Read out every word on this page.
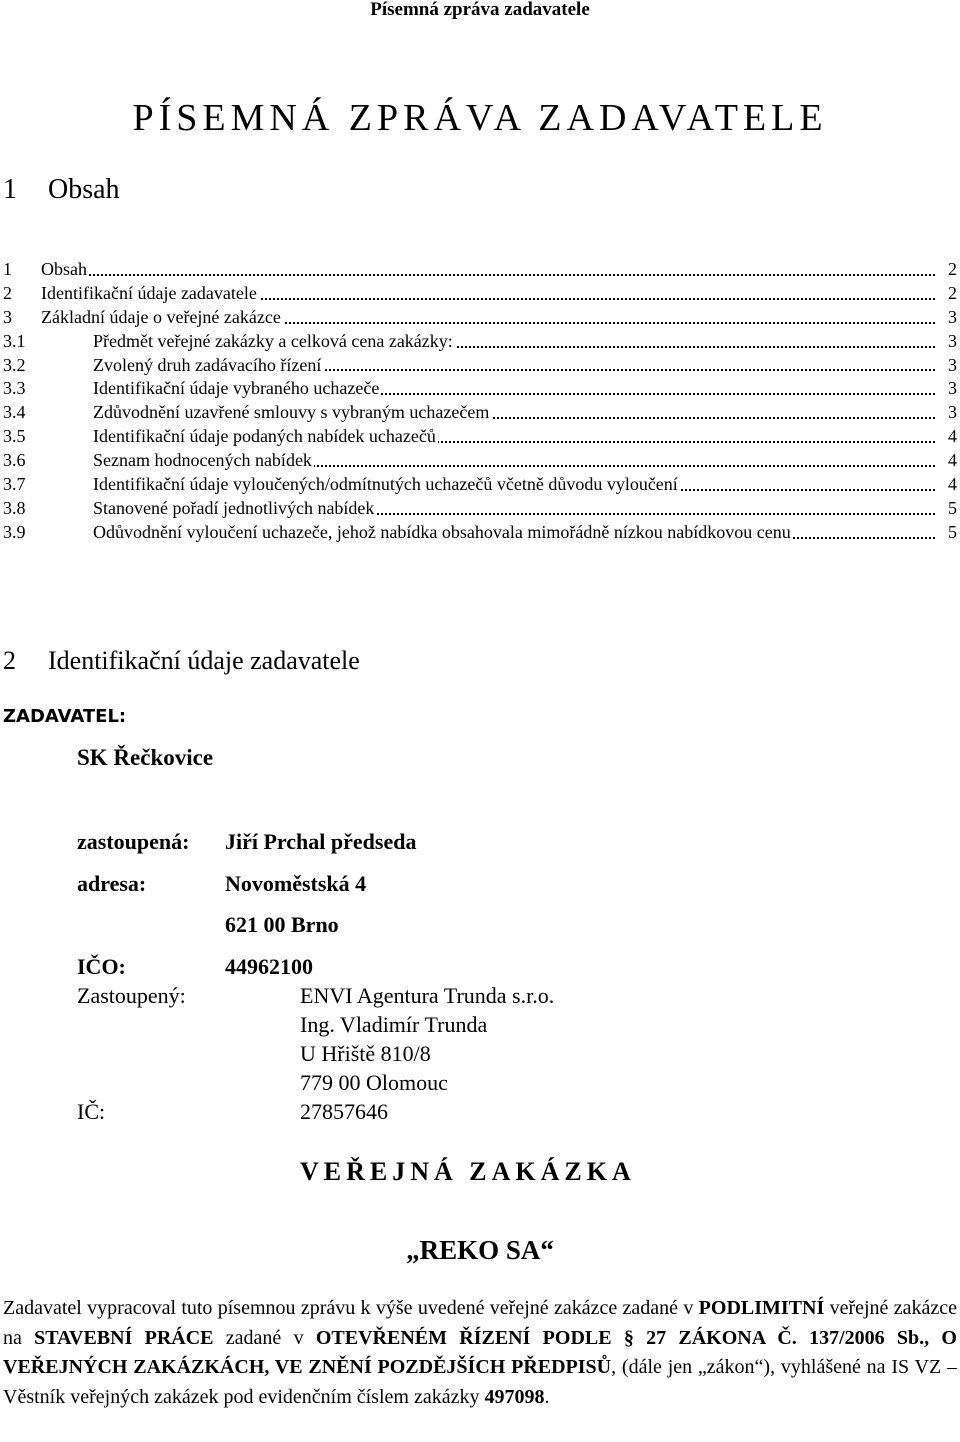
Písemná zpráva zadavatele
PÍSEMNÁ ZPRÁVA ZADAVATELE
1 Obsah
1	Obsah	2
2	Identifikační údaje zadavatele	2
3	Základní údaje o veřejné zakázce	3
3.1	Předmět veřejné zakázky a celková cena zakázky:	3
3.2	Zvolený druh zadávacího řízení	3
3.3	Identifikační údaje vybraného uchazeče	3
3.4	Zdůvodnění uzavřené smlouvy s vybraným uchazečem	3
3.5	Identifikační údaje podaných nabídek uchazečů	4
3.6	Seznam hodnocených nabídek	4
3.7	Identifikační údaje vyloučených/odmítnutých uchazečů včetně důvodu vyloučení	4
3.8	Stanovené pořadí jednotlivých nabídek	5
3.9	Odůvodnění vyloučení uchazeče, jehož nabídka obsahovala mimořádně nízkou nabídkovou cenu	5
2 Identifikační údaje zadavatele
ZADAVATEL:
SK Řečkovice
zastoupená: Jiří Prchal předseda
adresa:	Novoměstská 4
621 00 Brno
IČO:	44962100
Zastoupený:	ENVI Agentura Trunda s.r.o.
Ing. Vladimír Trunda
U Hřiště 810/8
779 00 Olomouc
IČ:	27857646
VEŘEJNÁ ZAKÁZKA
„REKO SA“
Zadavatel vypracoval tuto písemnou zprávu k výše uvedené veřejné zakázce zadané v PODLIMITNÍ veřejné zakázce na STAVEBNÍ PRÁCE zadané v OTEVŘENÉM ŘÍZENÍ PODLE § 27 ZÁKONA Č. 137/2006 Sb., O VEŘEJNÝCH ZAKÁZKÁCH, VE ZNĚNÍ POZDĚJŠÍCH PŘEDPISŮ, (dále jen „zákon“), vyhlášené na IS VZ – Věstník veřejných zakázek pod evidenčním číslem zakázky 497098.
